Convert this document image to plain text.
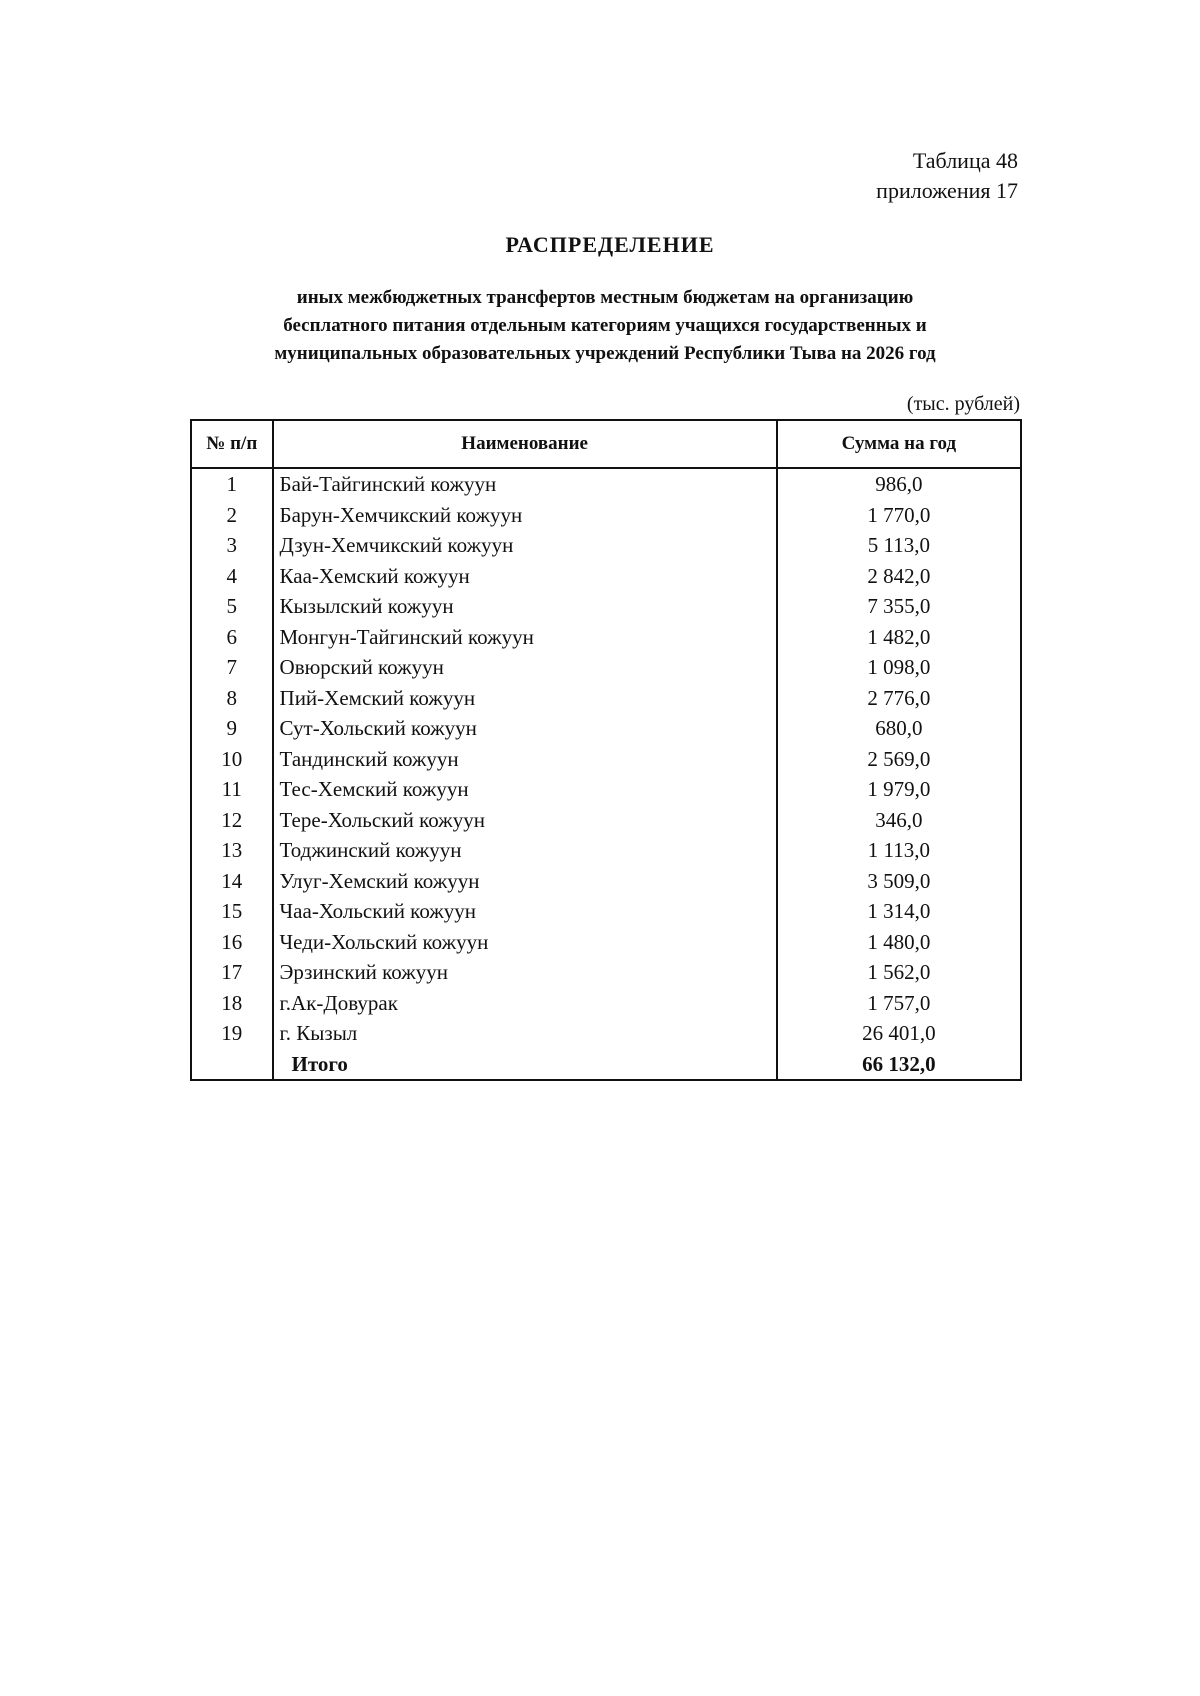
Таблица 48
приложения 17
РАСПРЕДЕЛЕНИЕ
иных межбюджетных трансфертов местным бюджетам на организацию
бесплатного питания отдельным категориям учащихся государственных и
муниципальных образовательных учреждений Республики Тыва на 2026 год
(тыс. рублей)
№ п/п	Наименование	Сумма на год
1	Бай-Тайгинский кожуун	986,0
2	Барун-Хемчикский кожуун	1 770,0
3	Дзун-Хемчикский кожуун	5 113,0
4	Каа-Хемский кожуун	2 842,0
5	Кызылский кожуун	7 355,0
6	Монгун-Тайгинский кожуун	1 482,0
7	Овюрский кожуун	1 098,0
8	Пий-Хемский кожуун	2 776,0
9	Сут-Хольский кожуун	680,0
10	Тандинский кожуун	2 569,0
11	Тес-Хемский кожуун	1 979,0
12	Тере-Хольский кожуун	346,0
13	Тоджинский кожуун	1 113,0
14	Улуг-Хемский кожуун	3 509,0
15	Чаа-Хольский кожуун	1 314,0
16	Чеди-Хольский кожуун	1 480,0
17	Эрзинский кожуун	1 562,0
18	г.Ак-Довурак	1 757,0
19	г. Кызыл	26 401,0
	Итого	66 132,0
